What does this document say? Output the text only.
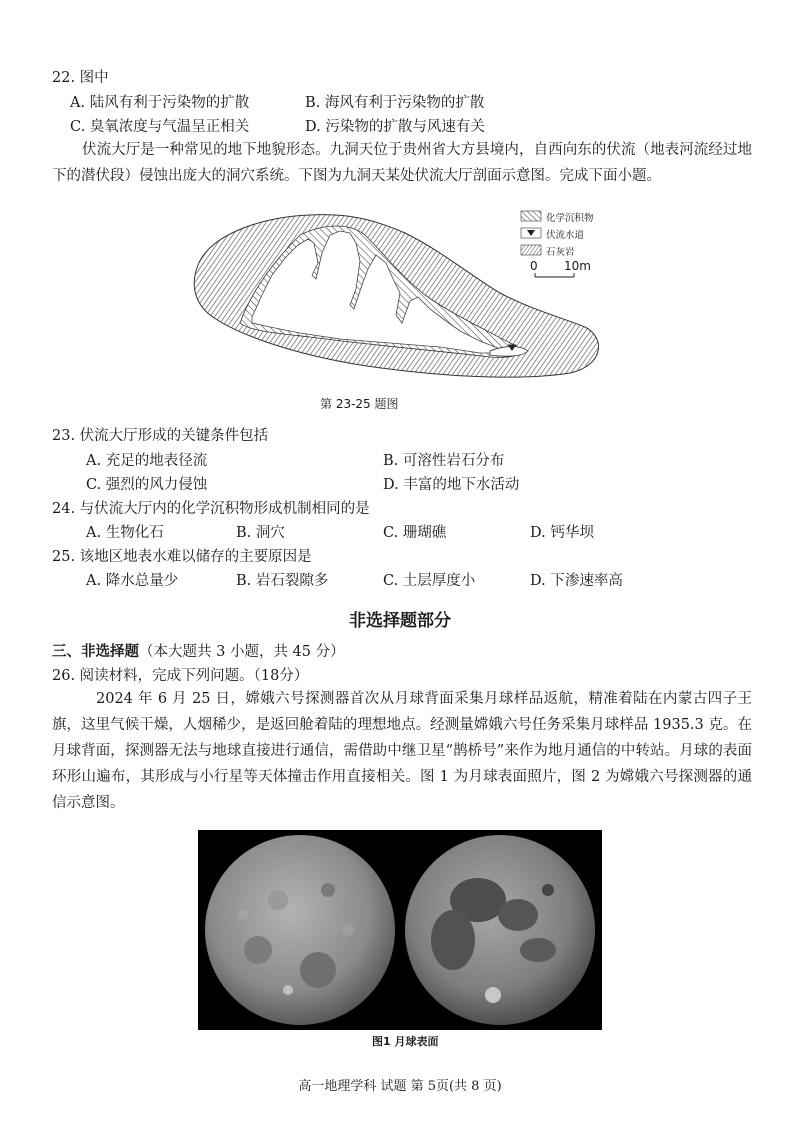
22. 图中
A. 陆风有利于污染物的扩散	B. 海风有利于污染物的扩散
C. 臭氧浓度与气温呈正相关	D. 污染物的扩散与风速有关
伏流大厅是一种常见的地下地貌形态。九洞天位于贵州省大方县境内，自西向东的伏流（地表河流经过地下的潜伏段）侵蚀出庞大的洞穴系统。下图为九洞天某处伏流大厅剖面示意图。完成下面小题。
化学沉积物
伏流水道
石灰岩
0 10m
第 23-25 题图
23. 伏流大厅形成的关键条件包括
A. 充足的地表径流	B. 可溶性岩石分布
C. 强烈的风力侵蚀	D. 丰富的地下水活动
24. 与伏流大厅内的化学沉积物形成机制相同的是
A. 生物化石	B. 洞穴	C. 珊瑚礁	D. 钙华坝
25. 该地区地表水难以储存的主要原因是
A. 降水总量少	B. 岩石裂隙多	C. 土层厚度小	D. 下渗速率高
非选择题部分
三、非选择题（本大题共 3 小题，共 45 分）
26. 阅读材料，完成下列问题。（18分）
2024 年 6 月 25 日，嫦娥六号探测器首次从月球背面采集月球样品返航，精准着陆在内蒙古四子王旗，这里气候干燥，人烟稀少，是返回舱着陆的理想地点。经测量嫦娥六号任务采集月球样品 1935.3 克。在月球背面，探测器无法与地球直接进行通信，需借助中继卫星“鹊桥号”来作为地月通信的中转站。月球的表面环形山遍布，其形成与小行星等天体撞击作用直接相关。图 1 为月球表面照片，图 2 为嫦娥六号探测器的通信示意图。
图1 月球表面
高一地理学科 试题 第 5页(共 8 页)
